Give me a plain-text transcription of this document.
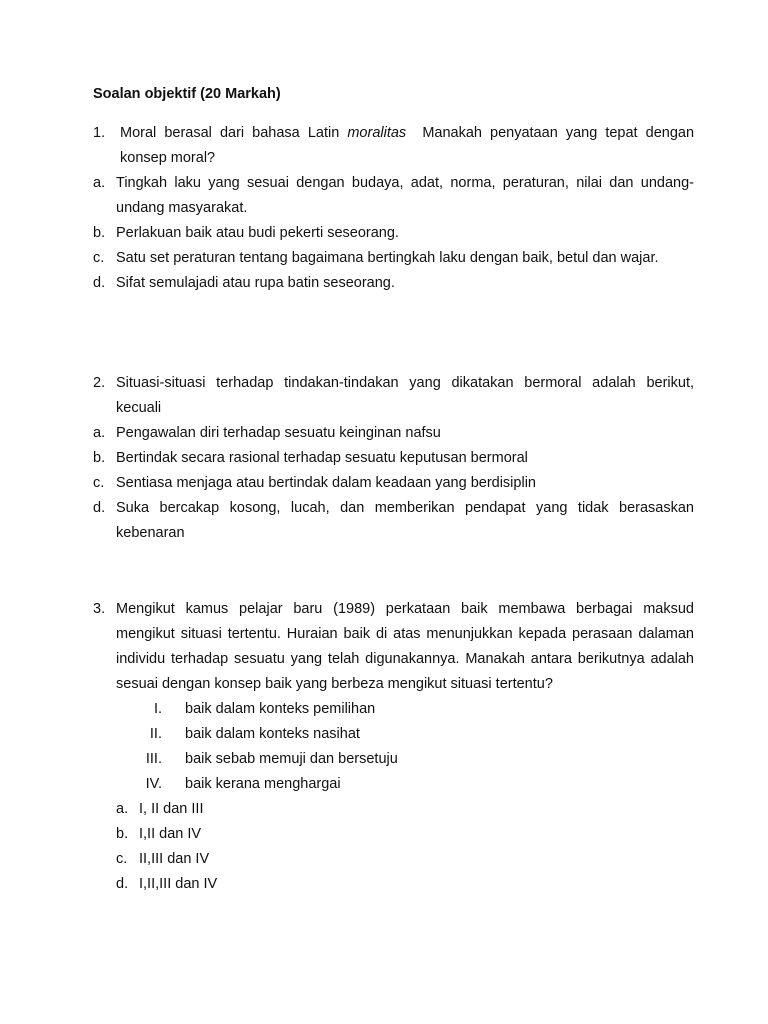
Soalan objektif (20 Markah)
1.	Moral berasal dari bahasa Latin moralitas Manakah penyataan yang tepat dengan konsep moral?
a. Tingkah laku yang sesuai dengan budaya, adat, norma, peraturan, nilai dan undang-undang masyarakat.
b. Perlakuan baik atau budi pekerti seseorang.
c. Satu set peraturan tentang bagaimana bertingkah laku dengan baik, betul dan wajar.
d. Sifat semulajadi atau rupa batin seseorang.
2. Situasi-situasi terhadap tindakan-tindakan yang dikatakan bermoral adalah berikut, kecuali
a. Pengawalan diri terhadap sesuatu keinginan nafsu
b. Bertindak secara rasional terhadap sesuatu keputusan bermoral
c. Sentiasa menjaga atau bertindak dalam keadaan yang berdisiplin
d. Suka bercakap kosong, lucah, dan memberikan pendapat yang tidak berasaskan kebenaran
3. Mengikut kamus pelajar baru (1989) perkataan baik membawa berbagai maksud mengikut situasi tertentu. Huraian baik di atas menunjukkan kepada perasaan dalaman individu terhadap sesuatu yang telah digunakannya. Manakah antara berikutnya adalah sesuai dengan konsep baik yang berbeza mengikut situasi tertentu?
I.	baik dalam konteks pemilihan
II.	baik dalam konteks nasihat
III.	baik sebab memuji dan bersetuju
IV.	baik kerana menghargai
a. I, II dan III
b. I,II dan IV
c. II,III dan IV
d. I,II,III dan IV
